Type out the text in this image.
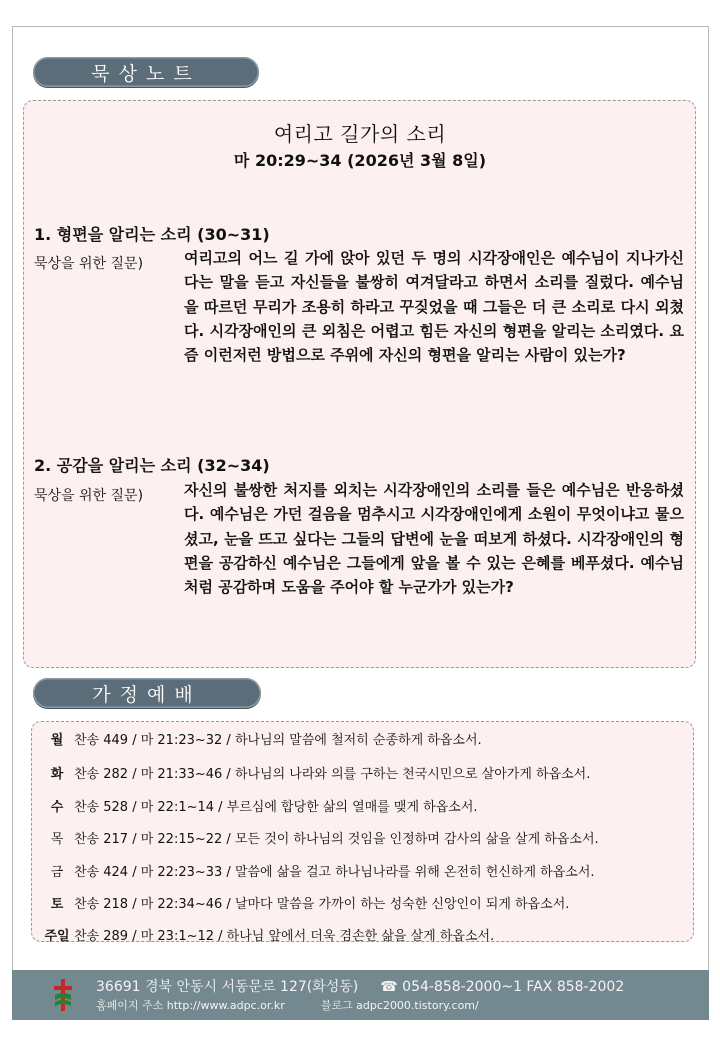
묵상노트
여리고 길가의 소리
마 20:29~34 (2026년 3월 8일)
1. 형편을 알리는 소리 (30~31)
묵상을 위한 질문)	여리고의 어느 길 가에 앉아 있던 두 명의 시각장애인은 예수님이 지나가신다는 말을 듣고 자신들을 불쌍히 여겨달라고 하면서 소리를 질렀다. 예수님을 따르던 무리가 조용히 하라고 꾸짖었을 때 그들은 더 큰 소리로 다시 외쳤다. 시각장애인의 큰 외침은 어렵고 힘든 자신의 형편을 알리는 소리였다. 요즘 이런저런 방법으로 주위에 자신의 형편을 알리는 사람이 있는가?
2. 공감을 알리는 소리 (32~34)
묵상을 위한 질문)	자신의 불쌍한 처지를 외치는 시각장애인의 소리를 들은 예수님은 반응하셨다. 예수님은 가던 걸음을 멈추시고 시각장애인에게 소원이 무엇이냐고 물으셨고, 눈을 뜨고 싶다는 그들의 답변에 눈을 떠보게 하셨다. 시각장애인의 형편을 공감하신 예수님은 그들에게 앞을 볼 수 있는 은혜를 베푸셨다. 예수님처럼 공감하며 도움을 주어야 할 누군가가 있는가?
가정예배
월 찬송 449 / 마 21:23~32 / 하나님의 말씀에 철저히 순종하게 하옵소서.
화 찬송 282 / 마 21:33~46 / 하나님의 나라와 의를 구하는 천국시민으로 살아가게 하옵소서.
수 찬송 528 / 마 22:1~14 / 부르심에 합당한 삶의 열매를 맺게 하옵소서.
목 찬송 217 / 마 22:15~22 / 모든 것이 하나님의 것임을 인정하며 감사의 삶을 살게 하옵소서.
금 찬송 424 / 마 22:23~33 / 말씀에 삶을 걸고 하나님나라를 위해 온전히 헌신하게 하옵소서.
토 찬송 218 / 마 22:34~46 / 날마다 말씀을 가까이 하는 성숙한 신앙인이 되게 하옵소서.
주일 찬송 289 / 마 23:1~12 / 하나님 앞에서 더욱 겸손한 삶을 살게 하옵소서.
36691 경북 안동시 서동문로 127(화성동) ☎ 054-858-2000~1 FAX 858-2002
홈페이지 주소 http://www.adpc.or.kr	블로그 adpc2000.tistory.com/
